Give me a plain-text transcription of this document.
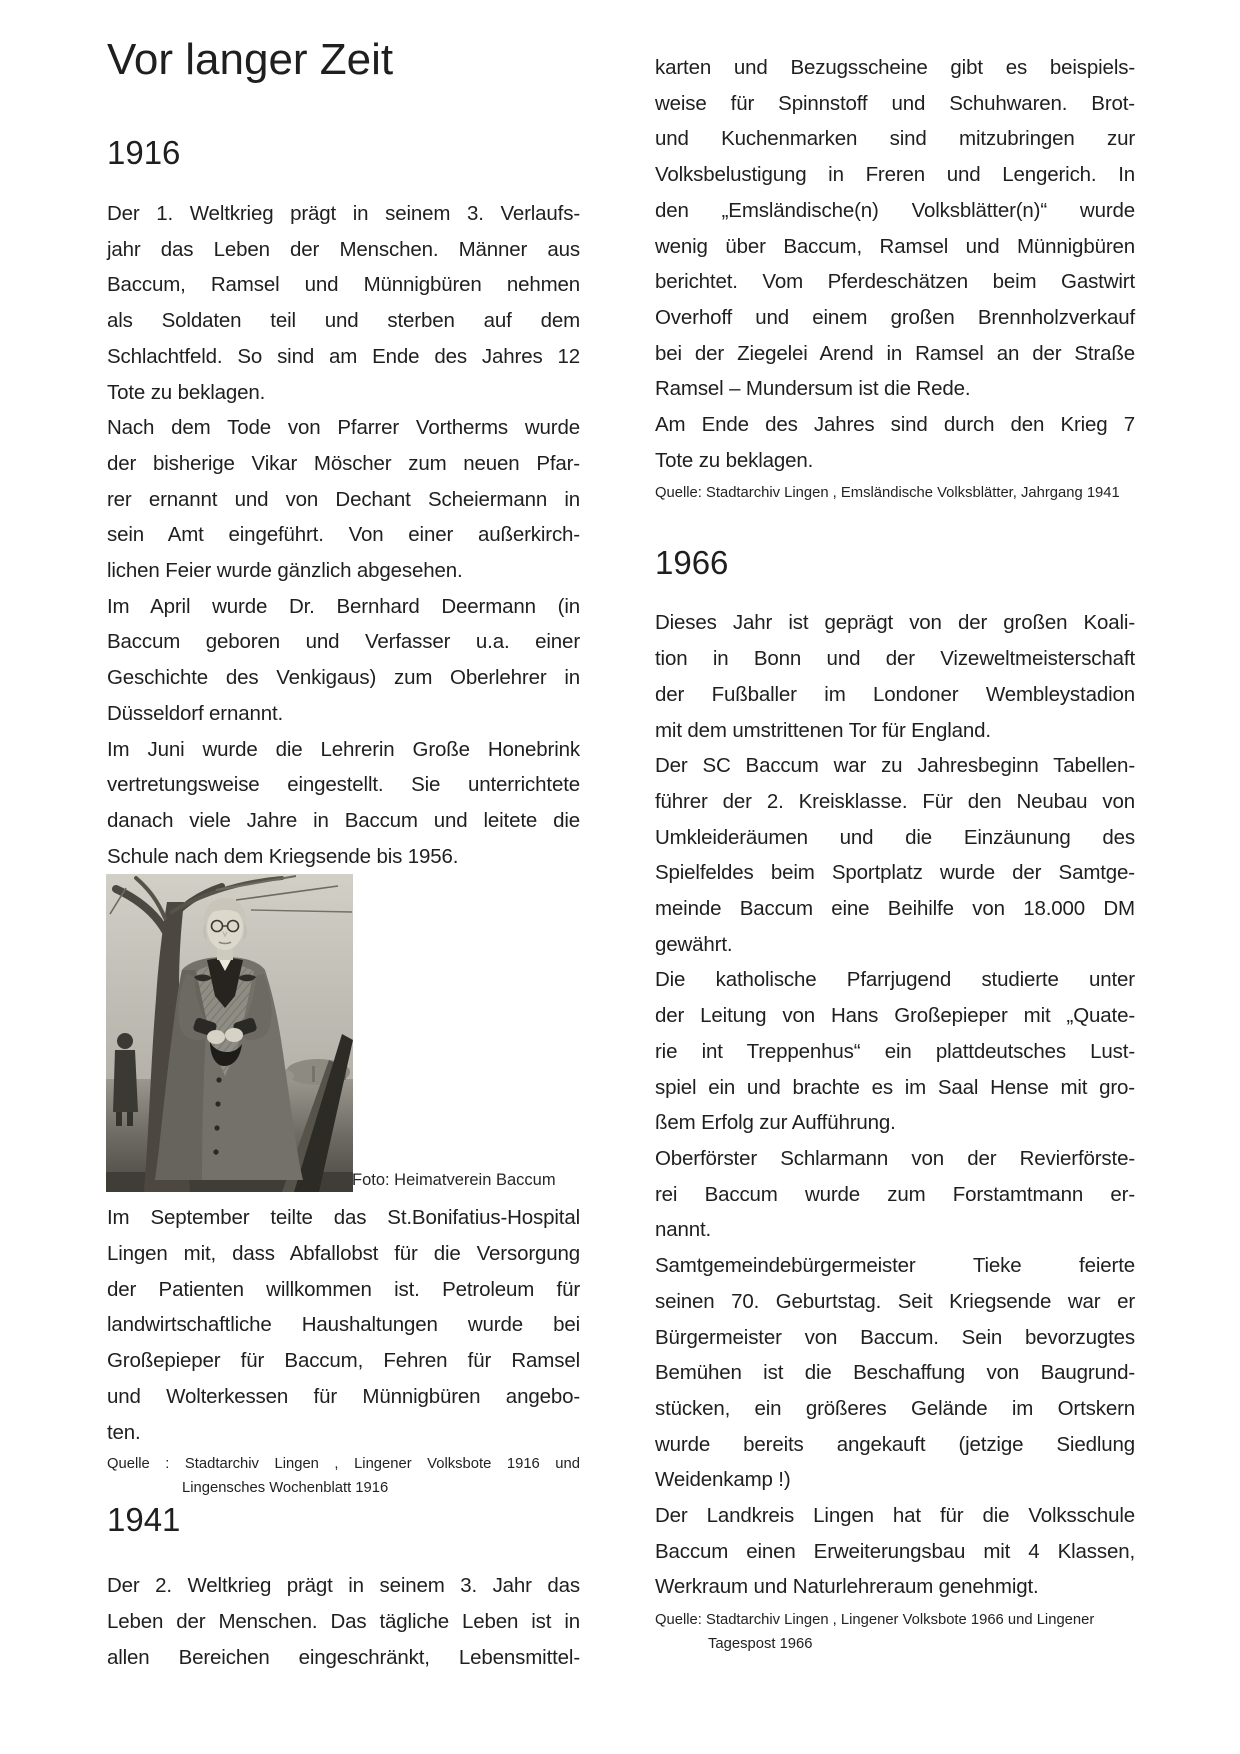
Vor langer Zeit
1916
Der 1. Weltkrieg prägt in seinem 3. Verlaufs-
jahr das Leben der Menschen. Männer aus
Baccum, Ramsel und Münnigbüren nehmen
als Soldaten teil und sterben auf dem
Schlachtfeld. So sind am Ende des Jahres 12
Tote zu beklagen.
Nach dem Tode von Pfarrer Vortherms wurde
der bisherige Vikar Möscher zum neuen Pfar-
rer ernannt und von Dechant Scheiermann in
sein Amt eingeführt. Von einer außerkirch-
lichen Feier wurde gänzlich abgesehen.
Im April wurde Dr. Bernhard Deermann (in
Baccum geboren und Verfasser u.a. einer
Geschichte des Venkigaus) zum Oberlehrer in
Düsseldorf ernannt.
Im Juni wurde die Lehrerin Große Honebrink
vertretungsweise eingestellt. Sie unterrichtete
danach viele Jahre in Baccum und leitete die
Schule nach dem Kriegsende bis 1956.
Foto: Heimatverein Baccum
Im September teilte das St.Bonifatius-Hospital
Lingen mit, dass Abfallobst für die Versorgung
der Patienten willkommen ist. Petroleum für
landwirtschaftliche Haushaltungen wurde bei
Großepieper für Baccum, Fehren für Ramsel
und Wolterkessen für Münnigbüren angebo-
ten.
Quelle : Stadtarchiv Lingen , Lingener Volksbote 1916 und
Lingensches Wochenblatt 1916
1941
Der 2. Weltkrieg prägt in seinem 3. Jahr das
Leben der Menschen. Das tägliche Leben ist in
allen Bereichen eingeschränkt, Lebensmittel-
karten und Bezugsscheine gibt es beispiels-
weise für Spinnstoff und Schuhwaren. Brot-
und Kuchenmarken sind mitzubringen zur
Volksbelustigung in Freren und Lengerich. In
den „Emsländische(n) Volksblätter(n)“ wurde
wenig über Baccum, Ramsel und Münnigbüren
berichtet. Vom Pferdeschätzen beim Gastwirt
Overhoff und einem großen Brennholzverkauf
bei der Ziegelei Arend in Ramsel an der Straße
Ramsel – Mundersum ist die Rede.
Am Ende des Jahres sind durch den Krieg 7
Tote zu beklagen.
Quelle: Stadtarchiv Lingen , Emsländische Volksblätter, Jahrgang 1941
1966
Dieses Jahr ist geprägt von der großen Koali-
tion in Bonn und der Vizeweltmeisterschaft
der Fußballer im Londoner Wembleystadion
mit dem umstrittenen Tor für England.
Der SC Baccum war zu Jahresbeginn Tabellen-
führer der 2. Kreisklasse. Für den Neubau von
Umkleideräumen und die Einzäunung des
Spielfeldes beim Sportplatz wurde der Samtge-
meinde Baccum eine Beihilfe von 18.000 DM
gewährt.
Die katholische Pfarrjugend studierte unter
der Leitung von Hans Großepieper mit „Quate-
rie int Treppenhus“ ein plattdeutsches Lust-
spiel ein und brachte es im Saal Hense mit gro-
ßem Erfolg zur Aufführung.
Oberförster Schlarmann von der Revierförste-
rei Baccum wurde zum Forstamtmann er-
nannt.
Samtgemeindebürgermeister Tieke feierte
seinen 70. Geburtstag. Seit Kriegsende war er
Bürgermeister von Baccum. Sein bevorzugtes
Bemühen ist die Beschaffung von Baugrund-
stücken, ein größeres Gelände im Ortskern
wurde bereits angekauft (jetzige Siedlung
Weidenkamp !)
Der Landkreis Lingen hat für die Volksschule
Baccum einen Erweiterungsbau mit 4 Klassen,
Werkraum und Naturlehreraum genehmigt.
Quelle: Stadtarchiv Lingen , Lingener Volksbote 1966 und Lingener
Tagespost 1966
